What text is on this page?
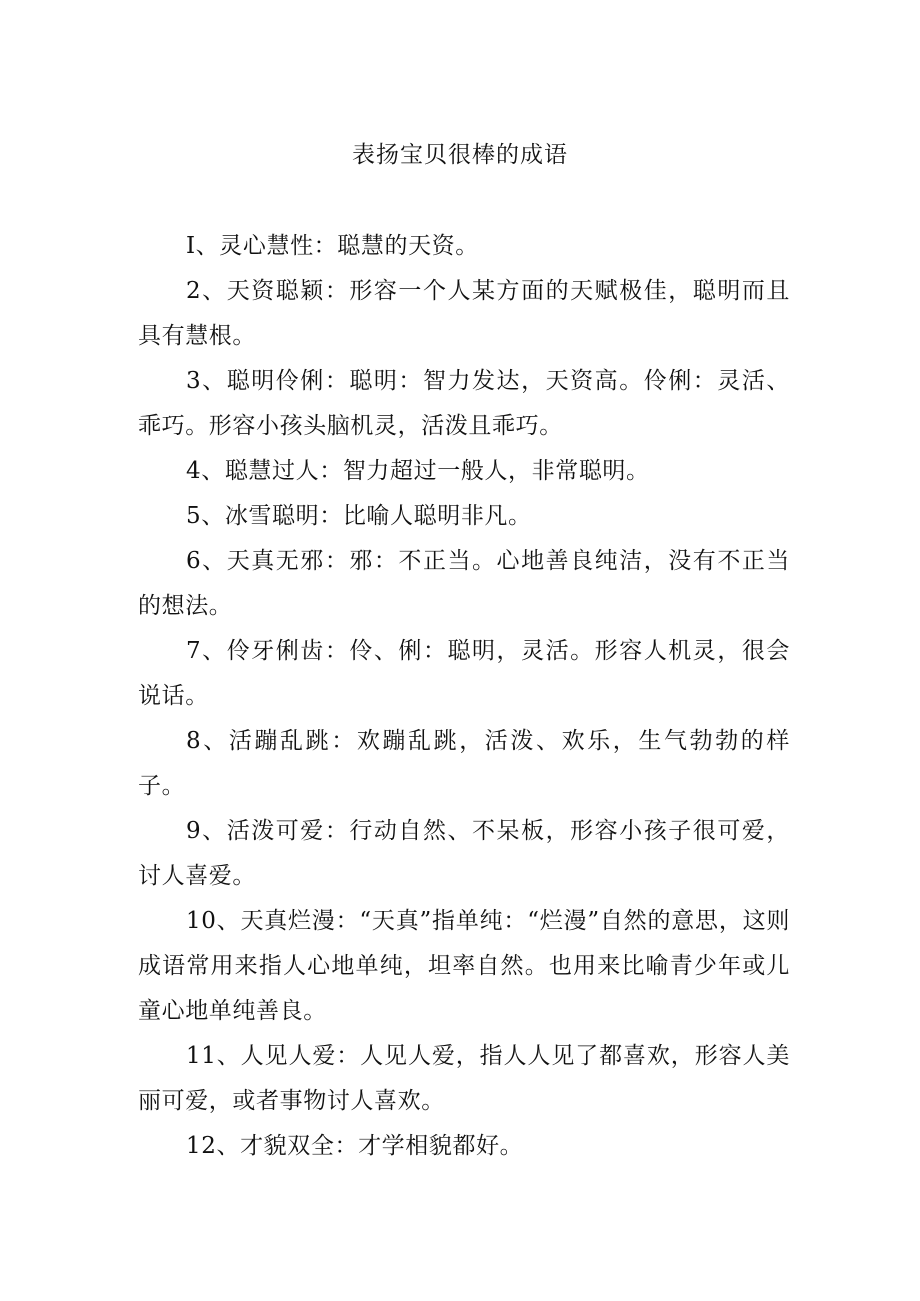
表扬宝贝很棒的成语

I、灵心慧性：聪慧的天资。

2、天资聪颖：形容一个人某方面的天赋极佳，聪明而且具有慧根。

3、聪明伶俐：聪明：智力发达，天资高。伶俐：灵活、乖巧。形容小孩头脑机灵，活泼且乖巧。

4、聪慧过人：智力超过一般人，非常聪明。

5、冰雪聪明：比喻人聪明非凡。

6、天真无邪：邪：不正当。心地善良纯洁，没有不正当的想法。

7、伶牙俐齿：伶、俐：聪明，灵活。形容人机灵，很会说话。

8、活蹦乱跳：欢蹦乱跳，活泼、欢乐，生气勃勃的样子。

9、活泼可爱：行动自然、不呆板，形容小孩子很可爱，讨人喜爱。

10、天真烂漫：“天真”指单纯：“烂漫”自然的意思，这则成语常用来指人心地单纯，坦率自然。也用来比喻青少年或儿童心地单纯善良。

11、人见人爱：人见人爱，指人人见了都喜欢，形容人美丽可爱，或者事物讨人喜欢。

12、才貌双全：才学相貌都好。
